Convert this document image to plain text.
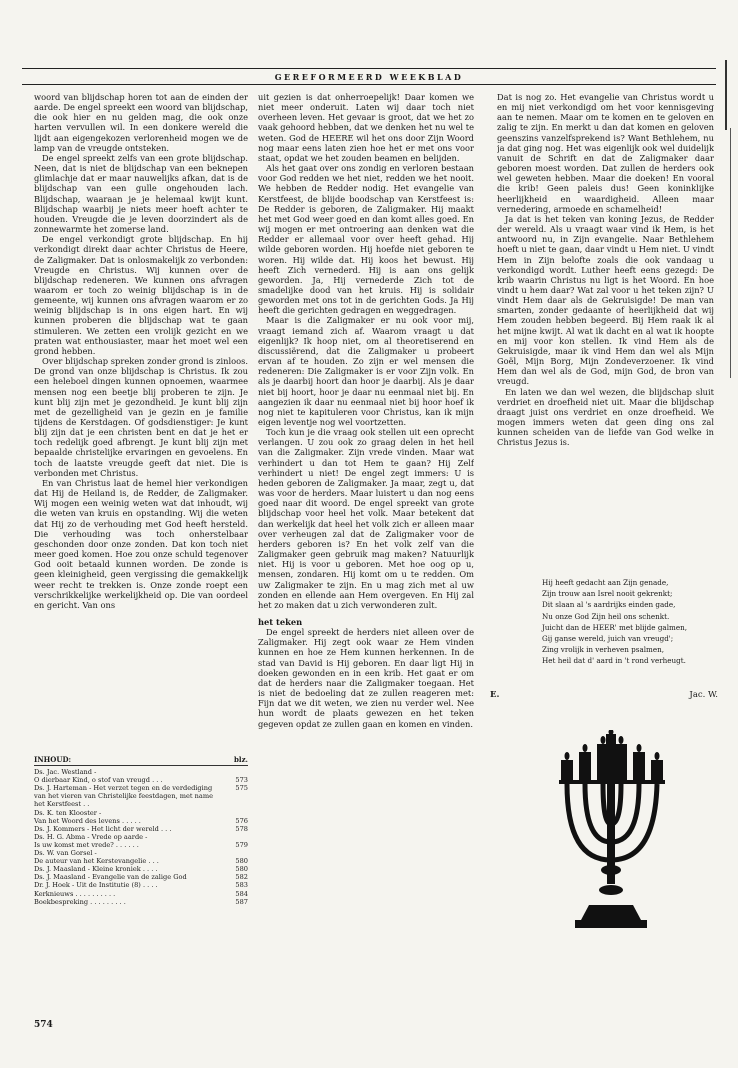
GEREFORMEERD WEEKBLAD

woord van blijdschap horen tot aan de einden der aarde. De engel spreekt een woord van blijdschap, die ook hier en nu gelden mag, die ook onze harten vervullen wil. In een donkere wereld die lijdt aan eigengekozen verlorenheid mogen we de lamp van de vreugde ontsteken.

De engel spreekt zelfs van een grote blijdschap. Neen, dat is niet de blijdschap van een beknepen glimlachje dat er maar nauwelijks afkan, dat is de blijdschap van een gulle ongehouden lach. Blijdschap, waaraan je je helemaal kwijt kunt. Blijdschap waarbij je niets meer hoeft achter te houden. Vreugde die je leven doorzindert als de zonnewarmte het zomerse land.

De engel verkondigt grote blijdschap. En hij verkondigt direkt daar achter Christus de Heere, de Zaligmaker. Dat is onlosmakelijk zo verbonden: Vreugde en Christus. Wij kunnen over de blijdschap redeneren. We kunnen ons afvragen waarom er toch zo weinig blijdschap is in de gemeente, wij kunnen ons afvragen waarom er zo weinig blijdschap is in ons eigen hart. En wij kunnen proberen die blijdschap wat te gaan stimuleren. We zetten een vrolijk gezicht en we praten wat enthousiaster, maar het moet wel een grond hebben.

Over blijdschap spreken zonder grond is zinloos. De grond van onze blijdschap is Christus. Ik zou een heleboel dingen kunnen opnoemen, waarmee mensen nog een beetje blij proberen te zijn. Je kunt blij zijn met je gezondheid. Je kunt blij zijn met de gezelligheid van je gezin en je familie tijdens de Kerstdagen. Of godsdienstiger: Je kunt blij zijn dat je een christen bent en dat je het er toch redelijk goed afbrengt. Je kunt blij zijn met bepaalde christelijke ervaringen en gevoelens. En toch de laatste vreugde geeft dat niet. Die is verbonden met Christus.

En van Christus laat de hemel hier verkondigen dat Hij de Heiland is, de Redder, de Zaligmaker. Wij mogen een weinig weten wat dat inhoudt, wij die weten van kruis en opstanding. Wij die weten dat Hij zo de verhouding met God heeft hersteld. Die verhouding was toch onherstelbaar geschonden door onze zonden. Dat kon toch niet meer goed komen. Hoe zou onze schuld tegenover God ooit betaald kunnen worden. De zonde is geen kleinigheid, geen vergissing die gemakkelijk weer recht te trekken is. Onze zonde roept een verschrikkelijke werkelijkheid op. Die van oordeel en gericht. Van ons

uit gezien is dat onherroepelijk! Daar komen we niet meer onderuit. Laten wij daar toch niet overheen leven. Het gevaar is groot, dat we het zo vaak gehoord hebben, dat we denken het nu wel te weten. God de HEERE wil het ons door Zijn Woord nog maar eens laten zien hoe het er met ons voor staat, opdat we het zouden beamen en belijden.

Als het gaat over ons zondig en verloren bestaan voor God redden we het niet, redden we het nooit. We hebben de Redder nodig. Het evangelie van Kerstfeest, de blijde boodschap van Kerstfeest is: De Redder is geboren, de Zaligmaker. Hij maakt het met God weer goed en dan komt alles goed. En wij mogen er met ontroering aan denken wat die Redder er allemaal voor over heeft gehad. Hij wilde geboren worden. Hij hoefde niet geboren te woren. Hij wilde dat. Hij koos het bewust. Hij heeft Zich vernederd. Hij is aan ons gelijk geworden. Ja, Hij vernederde Zich tot de smadelijke dood van het kruis. Hij is solidair geworden met ons tot in de gerichten Gods. Ja Hij heeft die gerichten gedragen en weggedragen.

Maar is die Zaligmaker er nu ook voor mij, vraagt iemand zich af. Waarom vraagt u dat eigenlijk? Ik hoop niet, om al theoretiserend en discussiërend, dat die Zaligmaker u probeert ervan af te houden. Zo zijn er wel mensen die redeneren: Die Zaligmaker is er voor Zijn volk. En als je daarbij hoort dan hoor je daarbij. Als je daar niet bij hoort, hoor je daar nu eenmaal niet bij. En aangezien ik daar nu eenmaal niet bij hoor hoef ik nog niet te kapituleren voor Christus, kan ik mijn eigen leventje nog wel voortzetten.

Toch kun je die vraag ook stellen uit een oprecht verlangen. U zou ook zo graag delen in het heil van die Zaligmaker. Zijn vrede vinden. Maar wat verhindert u dan tot Hem te gaan? Hij Zelf verhindert u niet! De engel zegt immers: U is heden geboren de Zaligmaker. Ja maar, zegt u, dat was voor de herders. Maar luistert u dan nog eens goed naar dit woord. De engel spreekt van grote blijdschap voor heel het volk. Maar betekent dat dan werkelijk dat heel het volk zich er alleen maar over verheugen zal dat de Zaligmaker voor de herders geboren is? En het volk zelf van die Zaligmaker geen gebruik mag maken? Natuurlijk niet. Hij is voor u geboren. Met hoe oog op u, mensen, zondaren. Hij komt om u te redden. Om uw Zaligmaker te zijn. En u mag zich met al uw zonden en ellende aan Hem overgeven. En Hij zal het zo maken dat u zich verwonderen zult.

het teken

De engel spreekt de herders niet alleen over de Zaligmaker. Hij zegt ook waar ze Hem vinden kunnen en hoe ze Hem kunnen herkennen. In de stad van David is Hij geboren. En daar ligt Hij in doeken gewonden en in een krib. Het gaat er om dat de herders naar die Zaligmaker toegaan. Het is niet de bedoeling dat ze zullen reageren met: Fijn dat we dit weten, we zien nu verder wel. Nee hun wordt de plaats gewezen en het teken gegeven opdat ze zullen gaan en komen en vinden.

Dat is nog zo. Het evangelie van Christus wordt u en mij niet verkondigd om het voor kennisgeving aan te nemen. Maar om te komen en te geloven en zalig te zijn. En merkt u dan dat komen en geloven geenszins vanzelfsprekend is? Want Bethlehem, nu ja dat ging nog. Het was eigenlijk ook wel duidelijk vanuit de Schrift en dat de Zaligmaker daar geboren moest worden. Dat zullen de herders ook wel geweten hebben. Maar die doeken! En vooral die krib! Geen paleis dus! Geen koninklijke heerlijkheid en waardigheid. Alleen maar vernedering, armoede en schamelheid!

Ja dat is het teken van koning Jezus, de Redder der wereld. Als u vraagt waar vind ik Hem, is het antwoord nu, in Zijn evangelie. Naar Bethlehem hoeft u niet te gaan, daar vindt u Hem niet. U vindt Hem in Zijn belofte zoals die ook vandaag u verkondigd wordt. Luther heeft eens gezegd: De krib waarin Christus nu ligt is het Woord. En hoe vindt u hem daar? Wat zal voor u het teken zijn? U vindt Hem daar als de Gekruisigde! De man van smarten, zonder gedaante of heerlijkheid dat wij Hem zouden hebben begeerd. Bij Hem raak ik al het mijne kwijt. Al wat ik dacht en al wat ik hoopte en mij voor kon stellen. Ik vind Hem als de Gekruisigde, maar ik vind Hem dan wel als Mijn Goël, Mijn Borg, Mijn Zondeverzoener. Ik vind Hem dan wel als de God, mijn God, de bron van vreugd.

En laten we dan wel wezen, die blijdschap sluit verdriet en droefheid niet uit. Maar die blijdschap draagt juist ons verdriet en onze droefheid. We mogen immers weten dat geen ding ons zal kunnen scheiden van de liefde van God welke in Christus Jezus is.

INHOUD:	blz.
Ds. Jac. Westland -
O dierbaar Kind, o stof van vreugd . . .	573
Ds. J. Harteman - Het verzet tegen en de verdediging van het vieren van Christelijke feestdagen, met name het Kerstfeest . .
575
Ds. K. ten Klooster -
Van het Woord des levens . . . . .	576
Ds. J. Kommers - Het licht der wereld . . .	578
Ds. H. G. Abma - Vrede op aarde -
Is uw komst met vrede? . . . . . .	579
Ds. W. van Gorsel -
De auteur van het Kerstevangelie . . .	580
Ds. J. Maasland - Kleine kroniek . . . .	580
Ds. J. Maasland - Evangelie van de zalige God	582
Dr. J. Hoek - Uit de Institutie (8) . . . .	583
Kerknieuws . . . . . . . . . .	584
Boekbespreking . . . . . . . . .	587
Hij heeft gedacht aan Zijn genade,
Zijn trouw aan Isrel nooit gekrenkt;
Dit slaan al 's aardrijks einden gade,
Nu onze God Zijn heil ons schenkt.
Juicht dan de HEER' met blijde galmen,
Gij ganse wereld, juich van vreugd';
Zing vrolijk in verheven psalmen,
Het heil dat d' aard in 't rond verheugt.
E.	Jac. W.
574
